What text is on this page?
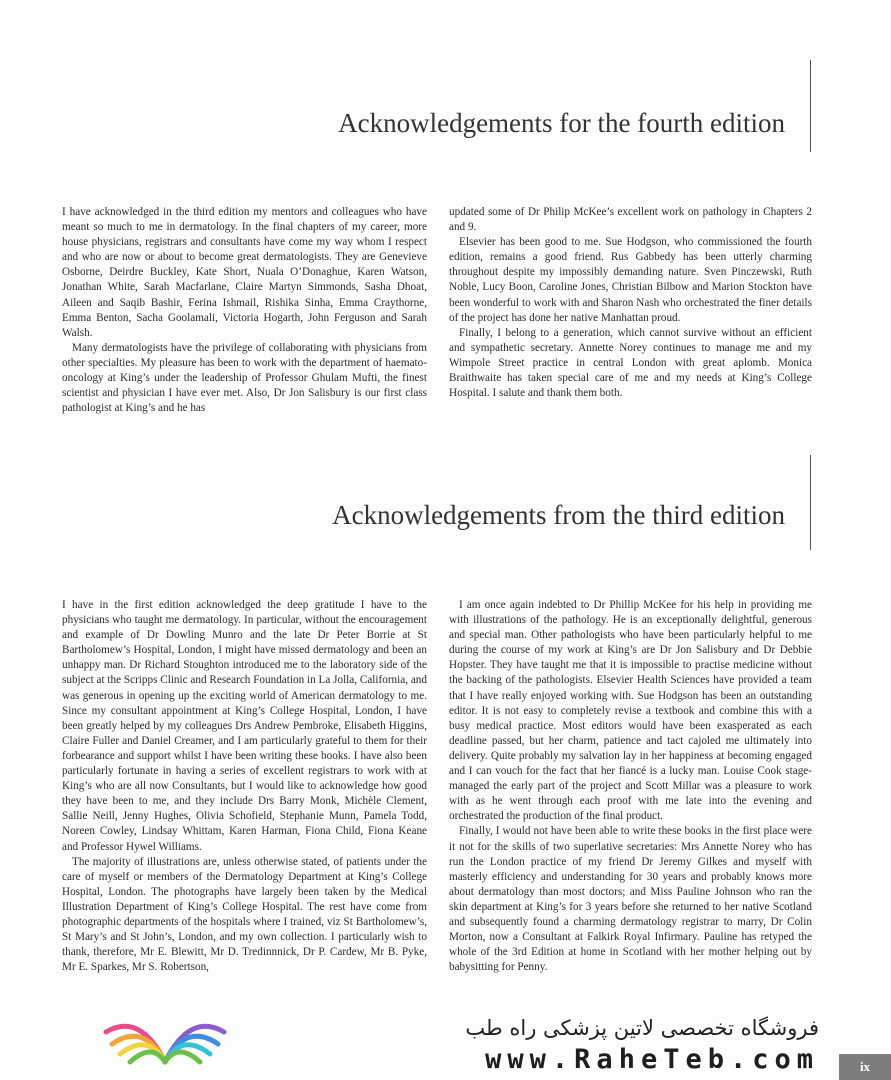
Acknowledgements for the fourth edition

I have acknowledged in the third edition my mentors and colleagues who have meant so much to me in dermatology. In the final chapters of my career, more house physicians, registrars and consultants have come my way whom I respect and who are now or about to become great dermatologists. They are Genevieve Osborne, Deirdre Buckley, Kate Short, Nuala O’Donaghue, Karen Watson, Jonathan White, Sarah Macfarlane, Claire Martyn Simmonds, Sasha Dhoat, Aileen and Saqib Bashir, Ferina Ishmail, Rishika Sinha, Emma Craythorne, Emma Benton, Sacha Goolamali, Victoria Hogarth, John Ferguson and Sarah Walsh.

Many dermatologists have the privilege of collaborating with physicians from other specialties. My pleasure has been to work with the department of haemato-oncology at King’s under the leadership of Professor Ghulam Mufti, the finest scientist and physician I have ever met. Also, Dr Jon Salisbury is our first class pathologist at King’s and he has

updated some of Dr Philip McKee’s excellent work on pathology in Chapters 2 and 9.

Elsevier has been good to me. Sue Hodgson, who commissioned the fourth edition, remains a good friend. Rus Gabbedy has been utterly charming throughout despite my impossibly demanding nature. Sven Pinczewski, Ruth Noble, Lucy Boon, Caroline Jones, Christian Bilbow and Marion Stockton have been wonderful to work with and Sharon Nash who orchestrated the finer details of the project has done her native Manhattan proud.

Finally, I belong to a generation, which cannot survive without an efficient and sympathetic secretary. Annette Norey continues to manage me and my Wimpole Street practice in central London with great aplomb. Monica Braithwaite has taken special care of me and my needs at King’s College Hospital. I salute and thank them both.

Acknowledgements from the third edition

I have in the first edition acknowledged the deep gratitude I have to the physicians who taught me dermatology. In particular, without the encouragement and example of Dr Dowling Munro and the late Dr Peter Borrie at St Bartholomew’s Hospital, London, I might have missed dermatology and been an unhappy man. Dr Richard Stoughton introduced me to the laboratory side of the subject at the Scripps Clinic and Research Foundation in La Jolla, California, and was generous in opening up the exciting world of American dermatology to me. Since my consultant appointment at King’s College Hospital, London, I have been greatly helped by my colleagues Drs Andrew Pembroke, Elisabeth Higgins, Claire Fuller and Daniel Creamer, and I am particularly grateful to them for their forbearance and support whilst I have been writing these books. I have also been particularly fortunate in having a series of excellent registrars to work with at King’s who are all now Consultants, but I would like to acknowledge how good they have been to me, and they include Drs Barry Monk, Michèle Clement, Sallie Neill, Jenny Hughes, Olivia Schofield, Stephanie Munn, Pamela Todd, Noreen Cowley, Lindsay Whittam, Karen Harman, Fiona Child, Fiona Keane and Professor Hywel Williams.

The majority of illustrations are, unless otherwise stated, of patients under the care of myself or members of the Dermatology Department at King’s College Hospital, London. The photographs have largely been taken by the Medical Illustration Department of King’s College Hospital. The rest have come from photographic departments of the hospitals where I trained, viz St Bartholomew’s, St Mary’s and St John’s, London, and my own collection. I particularly wish to thank, therefore, Mr E. Blewitt, Mr D. Tredinnnick, Dr P. Cardew, Mr B. Pyke, Mr E. Sparkes, Mr S. Robertson,

I am once again indebted to Dr Phillip McKee for his help in providing me with illustrations of the pathology. He is an exceptionally delightful, generous and special man. Other pathologists who have been particularly helpful to me during the course of my work at King’s are Dr Jon Salisbury and Dr Debbie Hopster. They have taught me that it is impossible to practise medicine without the backing of the pathologists. Elsevier Health Sciences have provided a team that I have really enjoyed working with. Sue Hodgson has been an outstanding editor. It is not easy to completely revise a textbook and combine this with a busy medical practice. Most editors would have been exasperated as each deadline passed, but her charm, patience and tact cajoled me ultimately into delivery. Quite probably my salvation lay in her happiness at becoming engaged and I can vouch for the fact that her fiancé is a lucky man. Louise Cook stage-managed the early part of the project and Scott Millar was a pleasure to work with as he went through each proof with me late into the evening and orchestrated the production of the final product.

Finally, I would not have been able to write these books in the first place were it not for the skills of two superlative secretaries: Mrs Annette Norey who has run the London practice of my friend Dr Jeremy Gilkes and myself with masterly efficiency and understanding for 30 years and probably knows more about dermatology than most doctors; and Miss Pauline Johnson who ran the skin department at King’s for 3 years before she returned to her native Scotland and subsequently found a charming dermatology registrar to marry, Dr Colin Morton, now a Consultant at Falkirk Royal Infirmary. Pauline has retyped the whole of the 3rd Edition at home in Scotland with her mother helping out by babysitting for Penny.

فروشگاه تخصصی لاتین پزشکی راه طب
www.RaheTeb.com	ix
